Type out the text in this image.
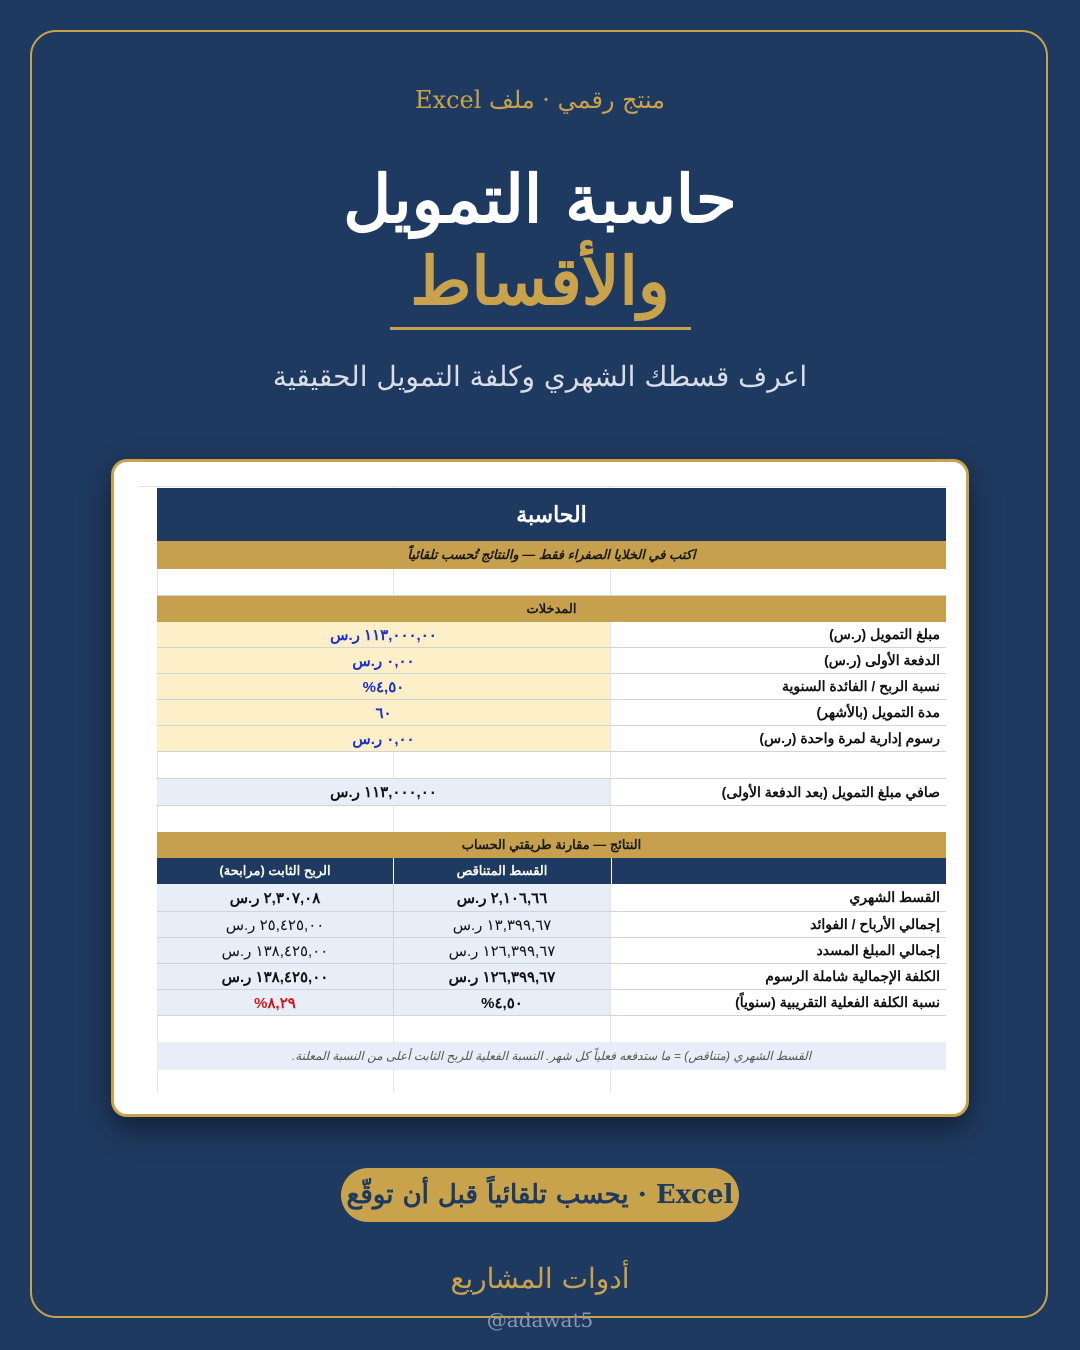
منتج رقمي · ملف Excel
حاسبة التمويل
والأقساط
اعرف قسطك الشهري وكلفة التمويل الحقيقية
الحاسبة
اكتب في الخلايا الصفراء فقط — والنتائج تُحسب تلقائياً
المدخلات
مبلغ التمويل (ر.س)
١١٣,٠٠٠,٠٠ ر.س
الدفعة الأولى (ر.س)
٠,٠٠ ر.س
نسبة الربح / الفائدة السنوية
٤,٥٠%
مدة التمويل (بالأشهر)
٦٠
رسوم إدارية لمرة واحدة (ر.س)
٠,٠٠ ر.س
صافي مبلغ التمويل (بعد الدفعة الأولى)
١١٣,٠٠٠,٠٠ ر.س
النتائج — مقارنة طريقتي الحساب
القسط المتناقص
الربح الثابت (مرابحة)
القسط الشهري
٢,١٠٦,٦٦ ر.س
٢,٣٠٧,٠٨ ر.س
إجمالي الأرباح / الفوائد
١٣,٣٩٩,٦٧ ر.س
٢٥,٤٢٥,٠٠ ر.س
إجمالي المبلغ المسدد
١٢٦,٣٩٩,٦٧ ر.س
١٣٨,٤٢٥,٠٠ ر.س
الكلفة الإجمالية شاملة الرسوم
١٢٦,٣٩٩,٦٧ ر.س
١٣٨,٤٢٥,٠٠ ر.س
نسبة الكلفة الفعلية التقريبية (سنوياً)
٤,٥٠%
٨,٢٩%
القسط الشهري (متناقص) = ما ستدفعه فعلياً كل شهر. النسبة الفعلية للربح الثابت أعلى من النسبة المعلنة.
Excel · يحسب تلقائياً قبل أن توقّع
أدوات المشاريع
@adawat5
